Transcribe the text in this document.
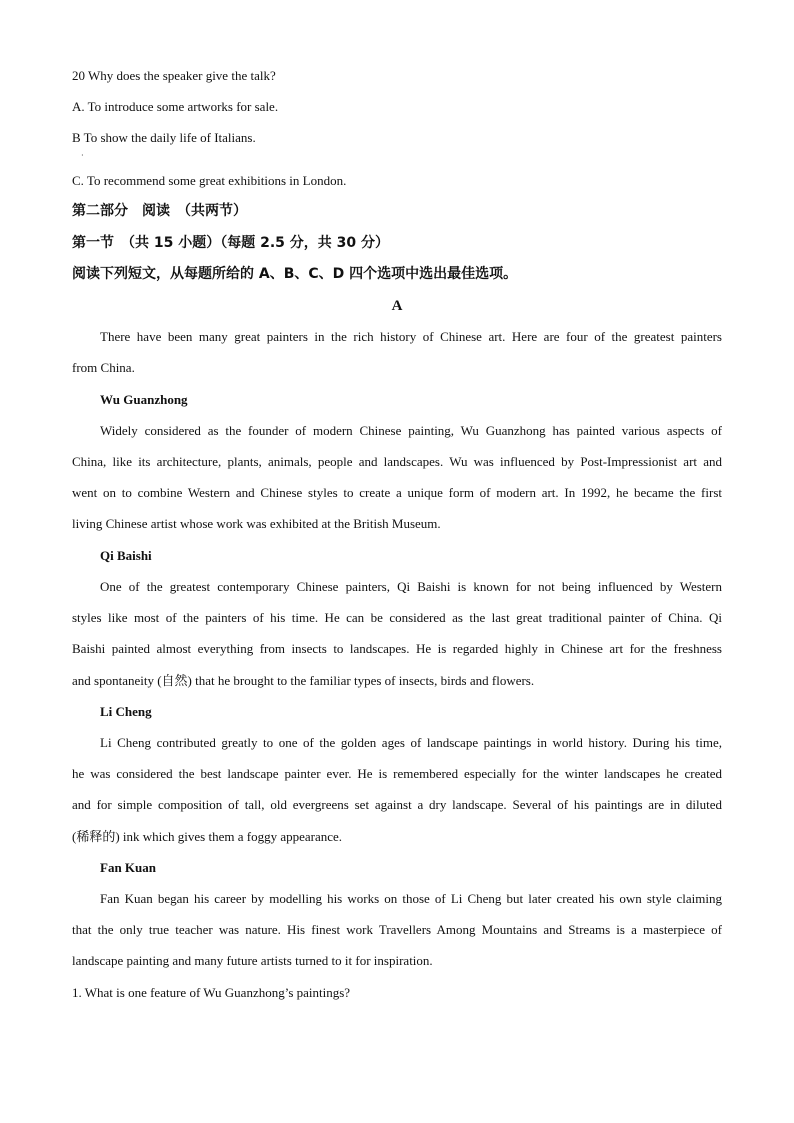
20 Why does the speaker give the talk?
A. To introduce some artworks for sale.
B To show the daily life of Italians.
·
C. To recommend some great exhibitions in London.
第二部分　阅读　（共两节）
第一节　（共 15 小题）（每题 2.5 分，共 30 分）
阅读下列短文，从每题所给的 A、B、C、D 四个选项中选出最佳选项。
A
There have been many great painters in the rich history of Chinese art. Here are four of the greatest painters
from China.
Wu Guanzhong
Widely considered as the founder of modern Chinese painting, Wu Guanzhong has painted various aspects of
China, like its architecture, plants, animals, people and landscapes. Wu was influenced by Post-Impressionist art and
went on to combine Western and Chinese styles to create a unique form of modern art. In 1992, he became the first
living Chinese artist whose work was exhibited at the British Museum.
Qi Baishi
One of the greatest contemporary Chinese painters, Qi Baishi is known for not being influenced by Western
styles like most of the painters of his time. He can be considered as the last great traditional painter of China. Qi
Baishi painted almost everything from insects to landscapes. He is regarded highly in Chinese art for the freshness
and spontaneity (自然) that he brought to the familiar types of insects, birds and flowers.
Li Cheng
Li Cheng contributed greatly to one of the golden ages of landscape paintings in world history. During his time,
he was considered the best landscape painter ever. He is remembered especially for the winter landscapes he created
and for simple composition of tall, old evergreens set against a dry landscape. Several of his paintings are in diluted
(稀释的) ink which gives them a foggy appearance.
Fan Kuan
Fan Kuan began his career by modelling his works on those of Li Cheng but later created his own style claiming
that the only true teacher was nature. His finest work Travellers Among Mountains and Streams is a masterpiece of
landscape painting and many future artists turned to it for inspiration.
1. What is one feature of Wu Guanzhong’s paintings?
